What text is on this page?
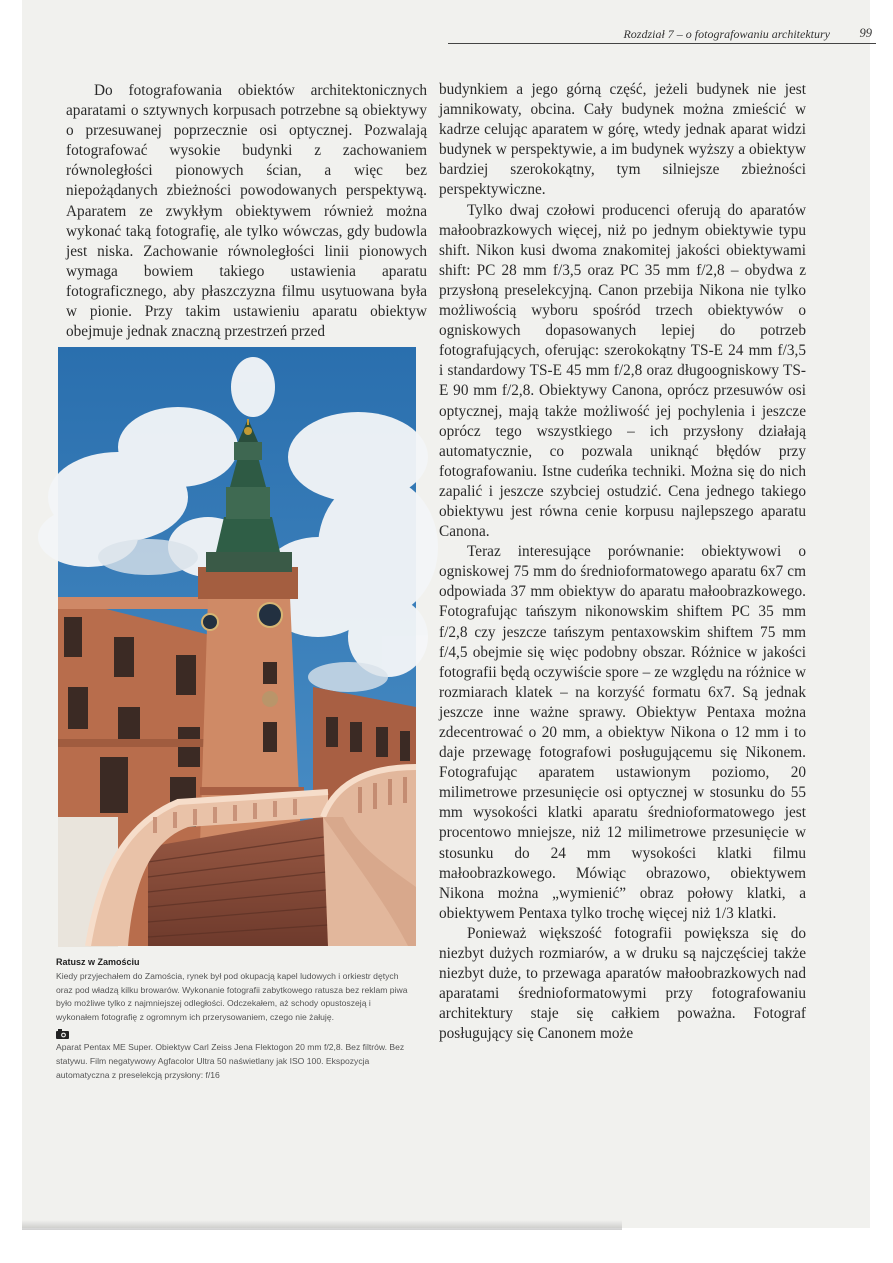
Rozdział 7 – o fotografowaniu architektury 99

Do fotografowania obiektów architektonicznych aparatami o sztywnych korpusach potrzebne są obiektywy o przesuwanej poprzecznie osi optycznej. Pozwalają fotografować wysokie budynki z zachowaniem równoległości pionowych ścian, a więc bez niepożądanych zbieżności powodowanych perspektywą. Aparatem ze zwykłym obiektywem również można wykonać taką fotografię, ale tylko wówczas, gdy budowla jest niska. Zachowanie równoległości linii pionowych wymaga bowiem takiego ustawienia aparatu fotograficznego, aby płaszczyzna filmu usytuowana była w pionie. Przy takim ustawieniu aparatu obiektyw obejmuje jednak znaczną przestrzeń przed

Ratusz w Zamościu
Kiedy przyjechałem do Zamościa, rynek był pod okupacją kapel ludowych i orkiestr dętych oraz pod władzą kilku browarów. Wykonanie fotografii zabytkowego ratusza bez reklam piwa było możliwe tylko z najmniejszej odległości. Odczekałem, aż schody opustoszeją i wykonałem fotografię z ogromnym ich przerysowaniem, czego nie żałuję.
Aparat Pentax ME Super. Obiektyw Carl Zeiss Jena Flektogon 20 mm f/2,8. Bez filtrów. Bez statywu. Film negatywowy Agfacolor Ultra 50 naświetlany jak ISO 100. Ekspozycja automatyczna z preselekcją przysłony: f/16

budynkiem a jego górną część, jeżeli budynek nie jest jamnikowaty, obcina. Cały budynek można zmieścić w kadrze celując aparatem w górę, wtedy jednak aparat widzi budynek w perspektywie, a im budynek wyższy a obiektyw bardziej szerokokątny, tym silniejsze zbieżności perspektywiczne.

Tylko dwaj czołowi producenci oferują do aparatów małoobrazkowych więcej, niż po jednym obiektywie typu shift. Nikon kusi dwoma znakomitej jakości obiektywami shift: PC 28 mm f/3,5 oraz PC 35 mm f/2,8 – obydwa z przysłoną preselekcyjną. Canon przebija Nikona nie tylko możliwością wyboru spośród trzech obiektywów o ogniskowych dopasowanych lepiej do potrzeb fotografujących, oferując: szerokokątny TS-E 24 mm f/3,5 i standardowy TS-E 45 mm f/2,8 oraz długoogniskowy TS-E 90 mm f/2,8. Obiektywy Canona, oprócz przesuwów osi optycznej, mają także możliwość jej pochylenia i jeszcze oprócz tego wszystkiego – ich przysłony działają automatycznie, co pozwala uniknąć błędów przy fotografowaniu. Istne cudeńka techniki. Można się do nich zapalić i jeszcze szybciej ostudzić. Cena jednego takiego obiektywu jest równa cenie korpusu najlepszego aparatu Canona.

Teraz interesujące porównanie: obiektywowi o ogniskowej 75 mm do średnioformatowego aparatu 6x7 cm odpowiada 37 mm obiektyw do aparatu małoobrazkowego. Fotografując tańszym nikonowskim shiftem PC 35 mm f/2,8 czy jeszcze tańszym pentaxowskim shiftem 75 mm f/4,5 obejmie się więc podobny obszar. Różnice w jakości fotografii będą oczywiście spore – ze względu na różnice w rozmiarach klatek – na korzyść formatu 6x7. Są jednak jeszcze inne ważne sprawy. Obiektyw Pentaxa można zdecentrować o 20 mm, a obiektyw Nikona o 12 mm i to daje przewagę fotografowi posługującemu się Nikonem. Fotografując aparatem ustawionym poziomo, 20 milimetrowe przesunięcie osi optycznej w stosunku do 55 mm wysokości klatki aparatu średnioformatowego jest procentowo mniejsze, niż 12 milimetrowe przesunięcie w stosunku do 24 mm wysokości klatki filmu małoobrazkowego. Mówiąc obrazowo, obiektywem Nikona można „wymienić” obraz połowy klatki, a obiektywem Pentaxa tylko trochę więcej niż 1/3 klatki.

Ponieważ większość fotografii powiększa się do niezbyt dużych rozmiarów, a w druku są najczęściej także niezbyt duże, to przewaga aparatów małoobrazkowych nad aparatami średnioformatowymi przy fotografowaniu architektury staje się całkiem poważna. Fotograf posługujący się Canonem może
